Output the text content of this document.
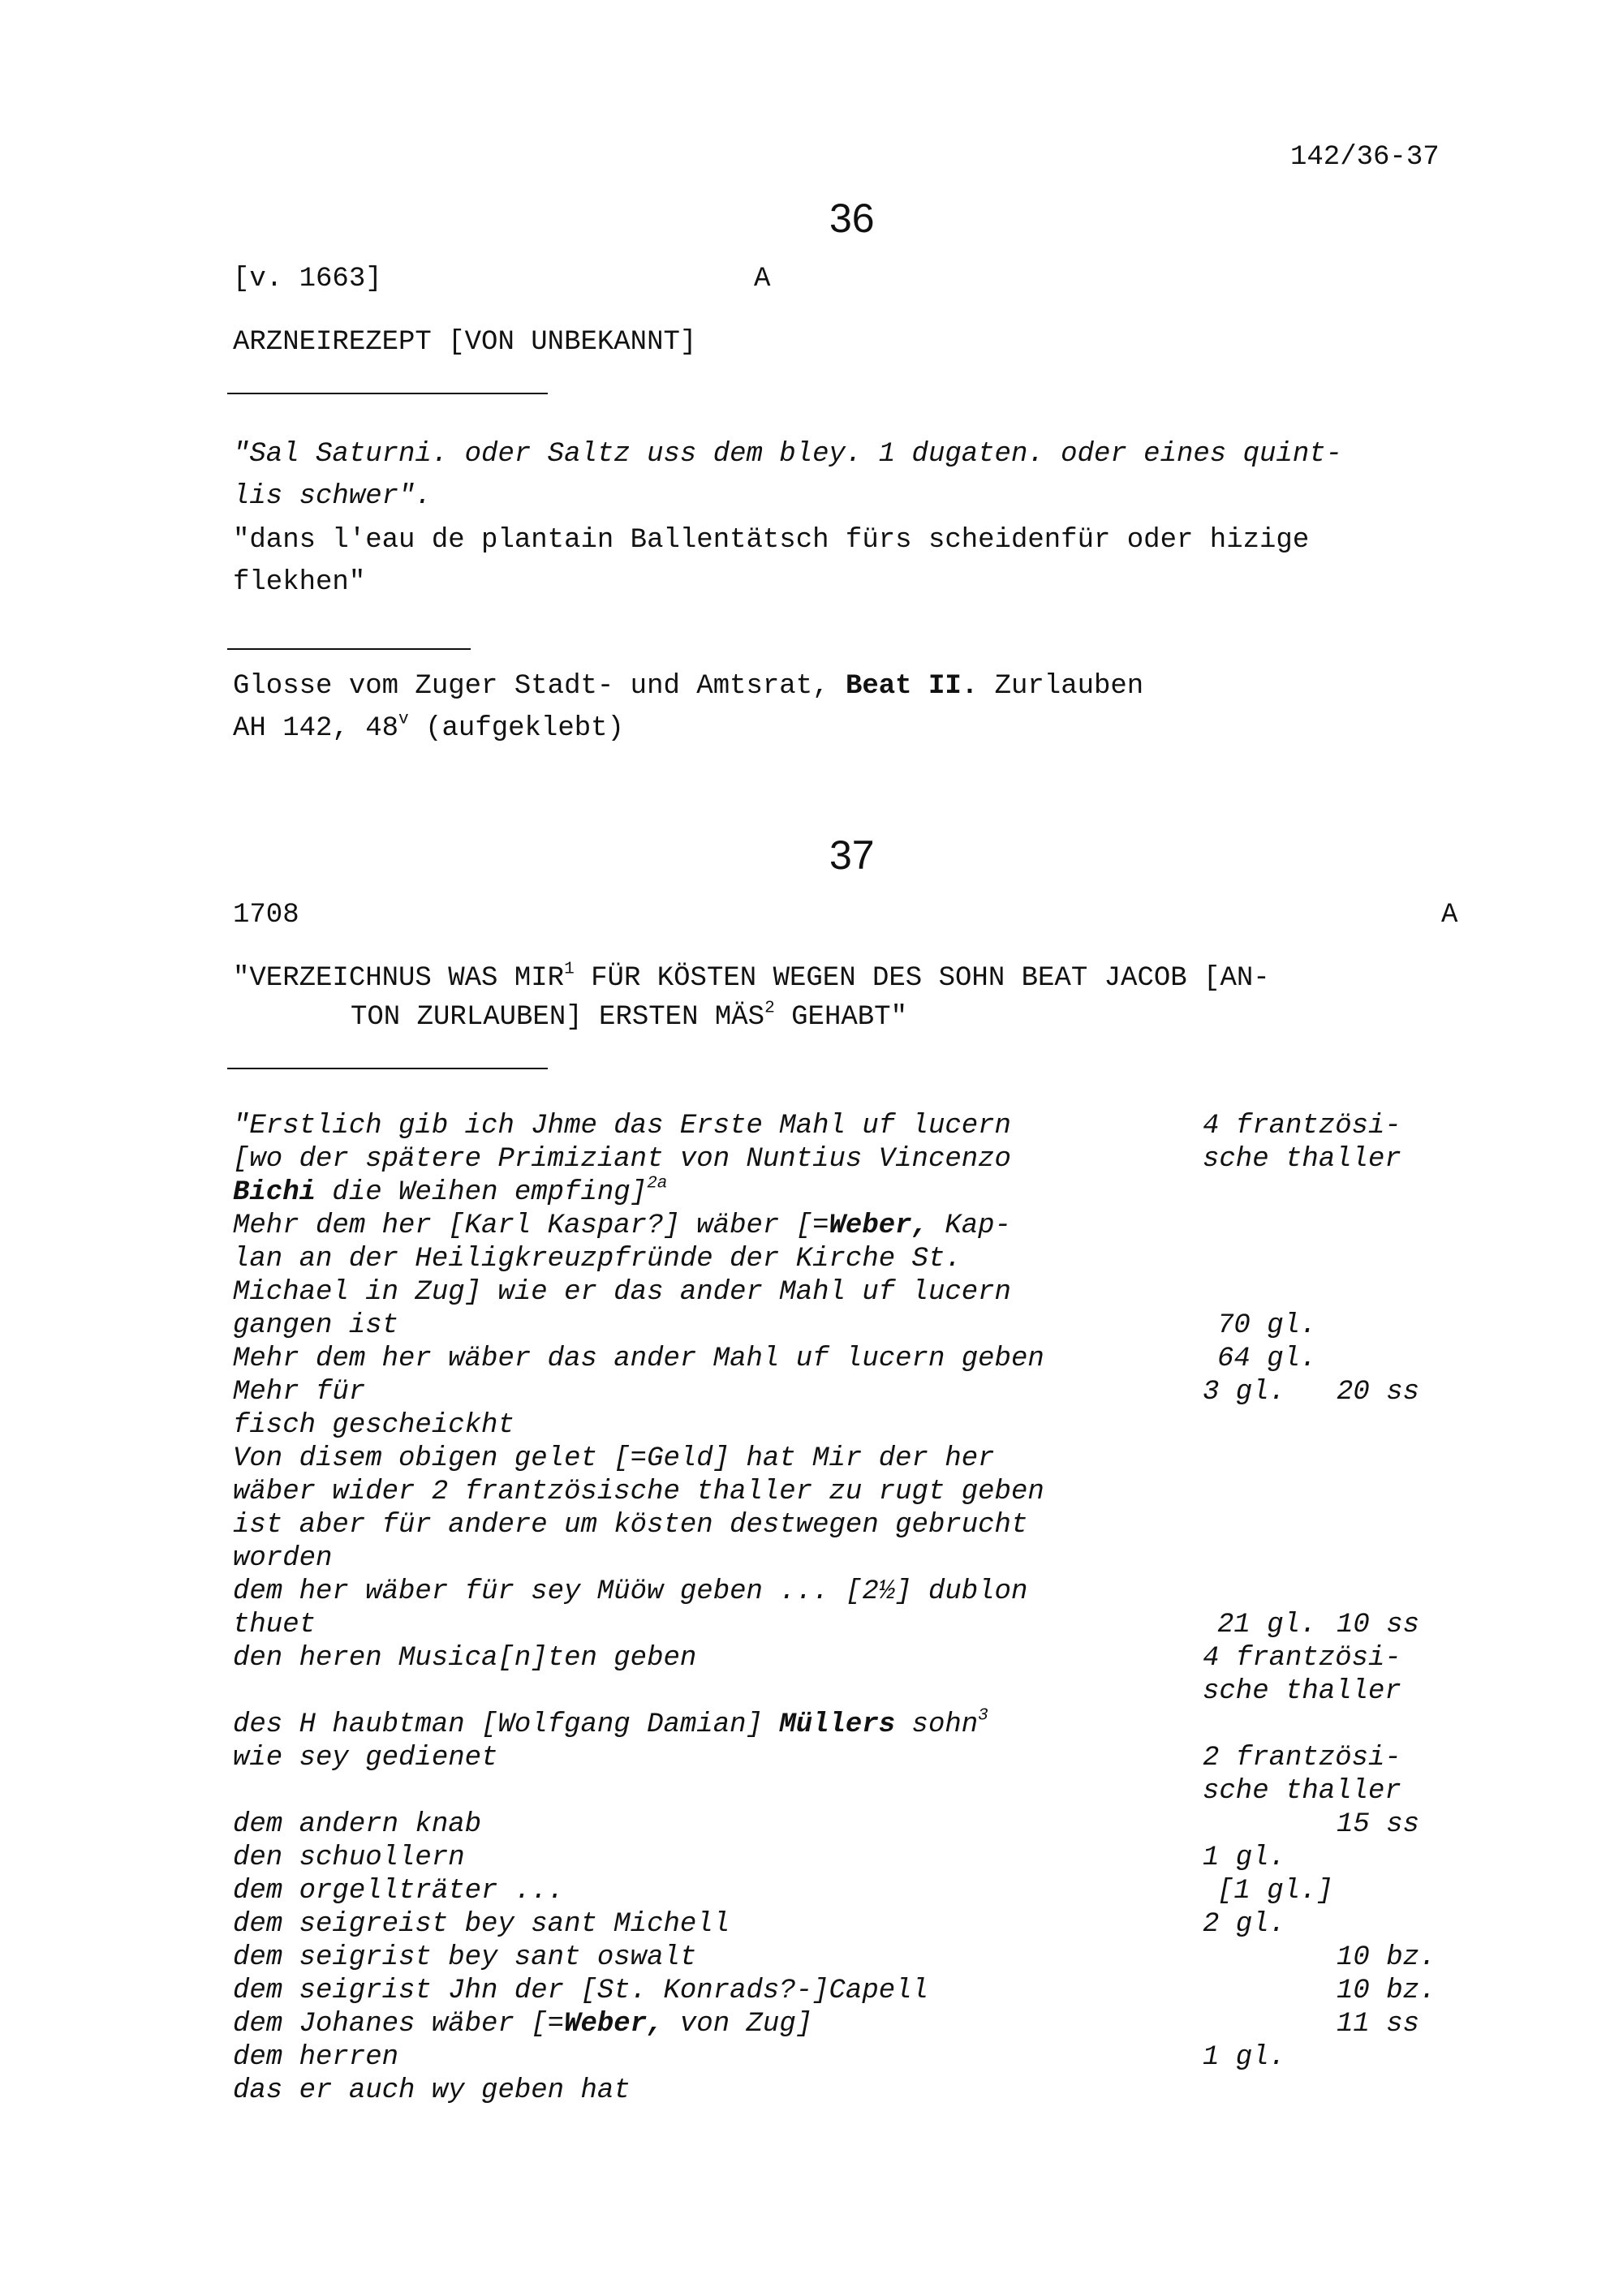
142/36-37
36
[v. 1663]	A
ARZNEIREZEPT [VON UNBEKANNT]
"Sal Saturni. oder Saltz uss dem bley. 1 dugaten. oder eines quint-
lis schwer".
"dans l'eau de plantain Ballentätsch fürs scheidenfür oder hizige
flekhen"
Glosse vom Zuger Stadt- und Amtsrat, Beat II. Zurlauben
AH 142, 48$^v$ (aufgeklebt)
37
1708	A
"VERZEICHNUS WAS MIR$^1$ FÜR KÖSTEN WEGEN DES SOHN BEAT JACOB [AN-
TON ZURLAUBEN] ERSTEN MÄS$^2$ GEHABT"
"Erstlich gib ich Jhme das Erste Mahl uf lucern	4 frantzösi-
[wo der spätere Primiziant von Nuntius Vincenzo	sche thaller
Bichi die Weihen empfing]$^{2a}$
Mehr dem her [Karl Kaspar?] wäber [=Weber, Kap-
lan an der Heiligkreuzpfründe der Kirche St.
Michael in Zug] wie er das ander Mahl uf lucern
gangen ist	70 gl.
Mehr dem her wäber das ander Mahl uf lucern geben	64 gl.
Mehr für	3 gl. 20 ss
fisch gescheickht
Von disem obigen gelet [=Geld] hat Mir der her
wäber wider 2 frantzösische thaller zu rugt geben
ist aber für andere um kösten destwegen gebrucht
worden
dem her wäber für sey Müöw geben ... [2½] dublon
thuet	21 gl. 10 ss
den heren Musica[n]ten geben	4 frantzösi-
sche thaller
des H haubtman [Wolfgang Damian] Müllers sohn$^3$
wie sey gedienet	2 frantzösi-
sche thaller
dem andern knab	15 ss
den schuollern	1 gl.
dem orgellträter ...	[1 gl.]
dem seigreist bey sant Michell	2 gl.
dem seigrist bey sant oswalt	10 bz.
dem seigrist Jhn der [St. Konrads?-]Capell	10 bz.
dem Johanes wäber [=Weber, von Zug]	11 ss
dem herren	1 gl.
das er auch wy geben hat
